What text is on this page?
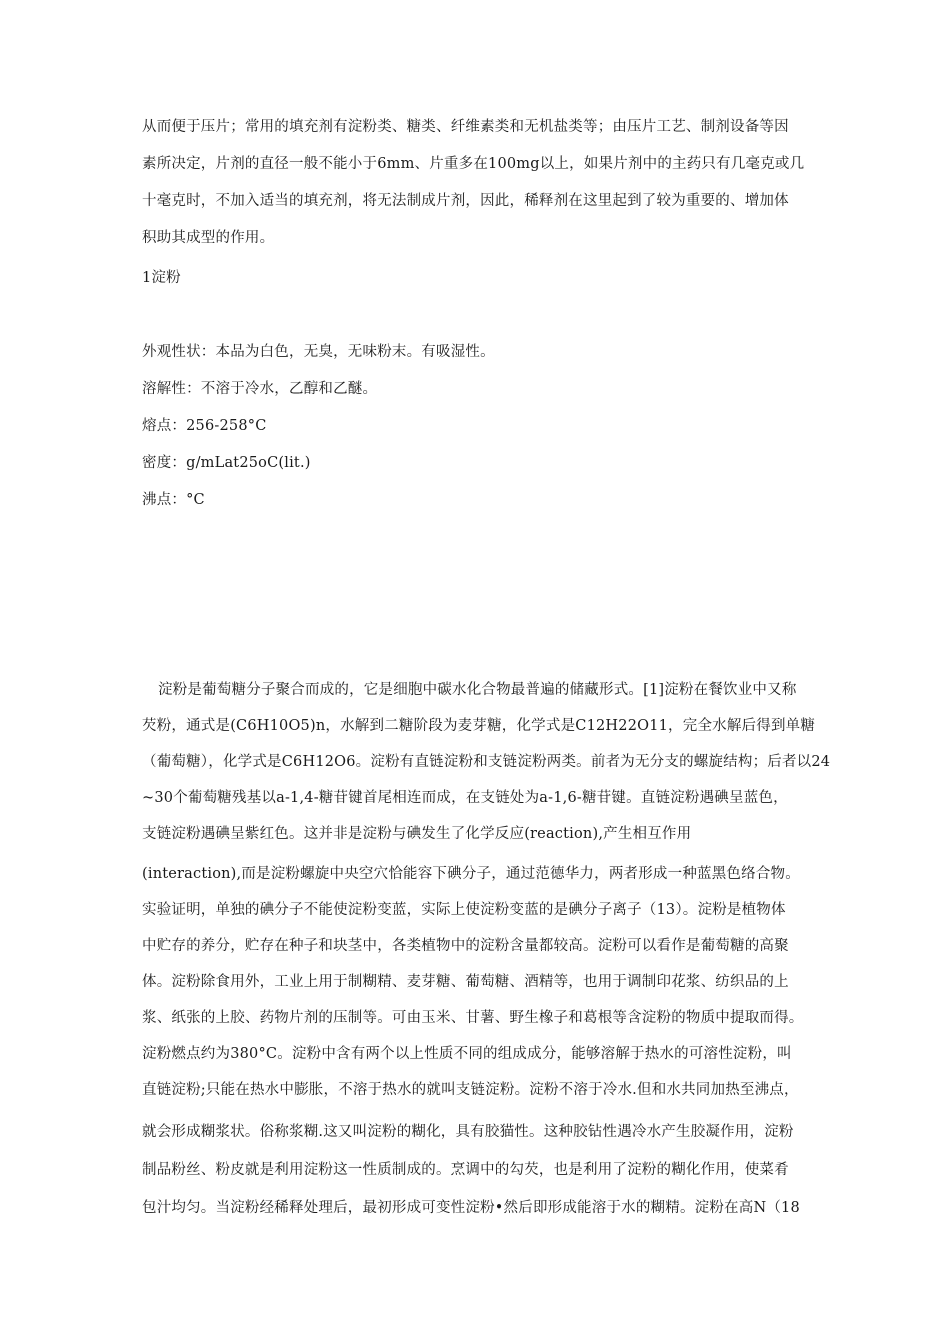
从而便于压片；常用的填充剂有淀粉类、糖类、纤维素类和无机盐类等；由压片工艺、制剂设备等因
素所决定，片剂的直径一般不能小于6mm、片重多在100mg以上，如果片剂中的主药只有几毫克或几
十毫克时，不加入适当的填充剂，将无法制成片剂，因此，稀释剂在这里起到了较为重要的、增加体
积助其成型的作用。
1淀粉
外观性状：本品为白色，无臭，无味粉末。有吸湿性。
溶解性：不溶于冷水，乙醇和乙醚。
熔点：256-258°C
密度：g/mLat25oC(lit.)
沸点：°C
淀粉是葡萄糖分子聚合而成的，它是细胞中碳水化合物最普遍的储藏形式。[1]淀粉在餐饮业中又称
芡粉，通式是(C6H10O5)n，水解到二糖阶段为麦芽糖，化学式是C12H22O11，完全水解后得到单糖
（葡萄糖），化学式是C6H12O6。淀粉有直链淀粉和支链淀粉两类。前者为无分支的螺旋结构；后者以24
~30个葡萄糖残基以a-1,4-糖苷键首尾相连而成，在支链处为a-1,6-糖苷键。直链淀粉遇碘呈蓝色，
支链淀粉遇碘呈紫红色。这并非是淀粉与碘发生了化学反应(reaction),产生相互作用
(interaction),而是淀粉螺旋中央空穴恰能容下碘分子，通过范德华力，两者形成一种蓝黑色络合物。
实验证明，单独的碘分子不能使淀粉变蓝，实际上使淀粉变蓝的是碘分子离子（13）。淀粉是植物体
中贮存的养分，贮存在种子和块茎中，各类植物中的淀粉含量都较高。淀粉可以看作是葡萄糖的高聚
体。淀粉除食用外，工业上用于制糊精、麦芽糖、葡萄糖、酒精等，也用于调制印花浆、纺织品的上
浆、纸张的上胶、药物片剂的压制等。可由玉米、甘薯、野生橡子和葛根等含淀粉的物质中提取而得。
淀粉燃点约为380°C。淀粉中含有两个以上性质不同的组成成分，能够溶解于热水的可溶性淀粉，叫
直链淀粉;只能在热水中膨胀，不溶于热水的就叫支链淀粉。淀粉不溶于冷水.但和水共同加热至沸点，
就会形成糊浆状。俗称浆糊.这又叫淀粉的糊化，具有胶猫性。这种胶钻性遇冷水产生胶凝作用，淀粉
制品粉丝、粉皮就是利用淀粉这一性质制成的。烹调中的勾芡，也是利用了淀粉的糊化作用，使菜肴
包汁均匀。当淀粉经稀释处理后，最初形成可变性淀粉•然后即形成能溶于水的糊精。淀粉在高N（18
